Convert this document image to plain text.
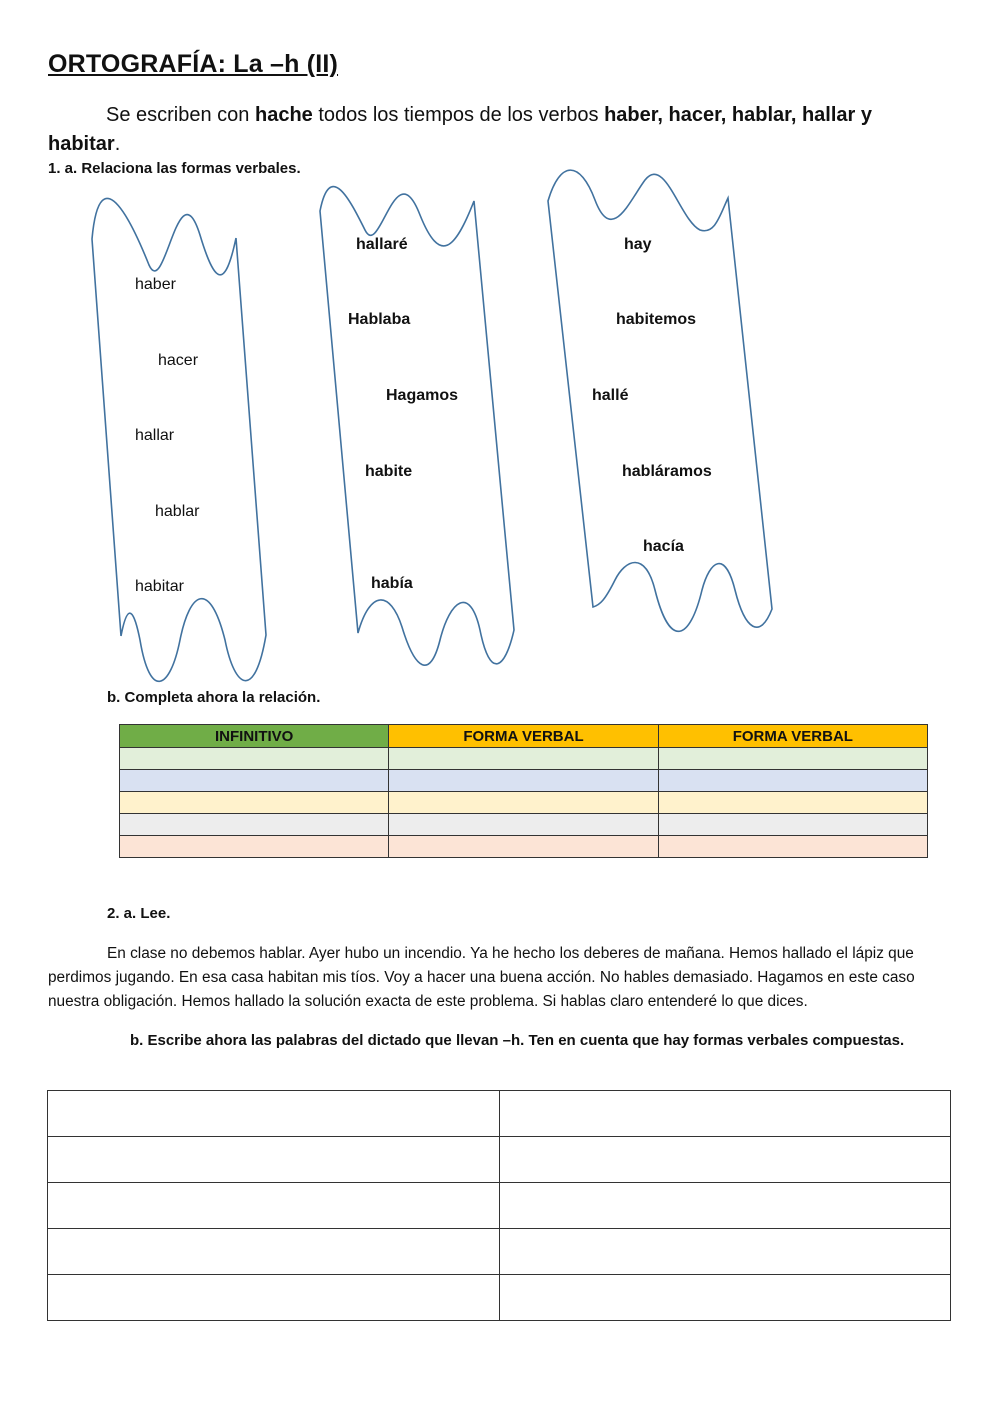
ORTOGRAFÍA: La –h (II)
Se escriben con hache todos los tiempos de los verbos haber, hacer, hablar, hallar y habitar.
1. a. Relaciona las formas verbales.
haber
hacer
hallar
hablar
habitar
hallaré
Hablaba
Hagamos
habite
había
hay
habitemos
hallé
habláramos
hacía
b. Completa ahora la relación.
INFINITIVO	FORMA VERBAL	FORMA VERBAL

2. a. Lee.
En clase no debemos hablar. Ayer hubo un incendio. Ya he hecho los deberes de mañana. Hemos hallado el lápiz que perdimos jugando. En esa casa habitan mis tíos. Voy a hacer una buena acción. No hables demasiado. Hagamos en este caso nuestra obligación. Hemos hallado la solución exacta de este problema. Si hablas claro entenderé lo que dices.
b. Escribe ahora las palabras del dictado que llevan –h. Ten en cuenta que hay formas verbales compuestas.
